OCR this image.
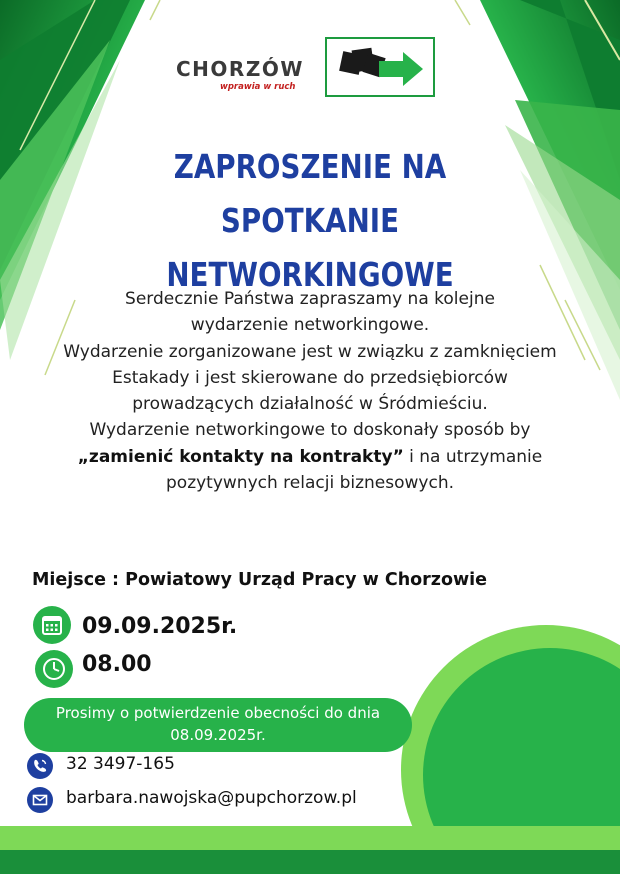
CHORZÓW
wprawia w ruch
ZAPROSZENIE NA SPOTKANIE
NETWORKINGOWE

Serdecznie Państwa zapraszamy na kolejne
wydarzenie networkingowe.
Wydarzenie zorganizowane jest w związku z zamknięciem
Estakady i jest skierowane do przedsiębiorców
prowadzących działalność w Śródmieściu.
Wydarzenie networkingowe to doskonały sposób by
„zamienić kontakty na kontrakty” i na utrzymanie
pozytywnych relacji biznesowych.

Miejsce : Powiatowy Urząd Pracy w Chorzowie
09.09.2025r.
08.00
Prosimy o potwierdzenie obecności do dnia
08.09.2025r.
32 3497-165
barbara.nawojska@pupchorzow.pl
